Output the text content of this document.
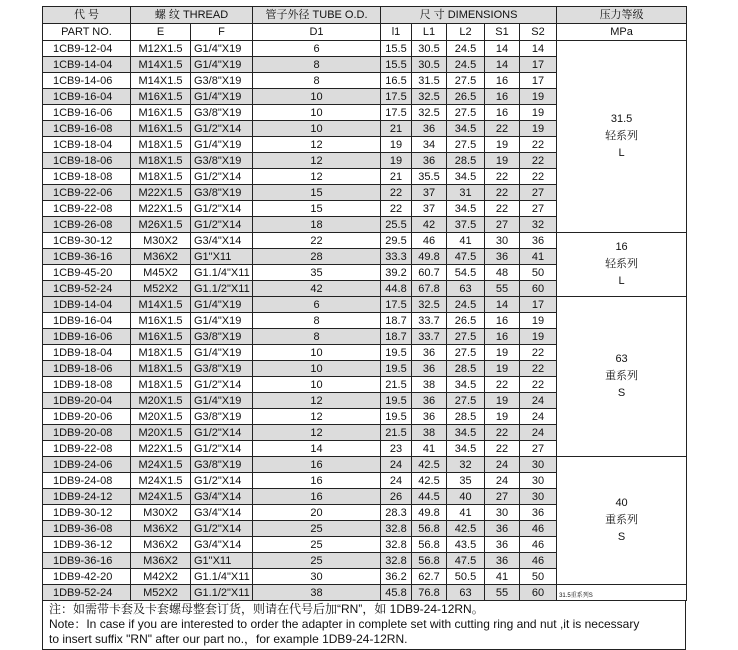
代 号	螺 纹 THREAD		管子外径 TUBE O.D.	尺 寸 DIMENSIONS					压力等级
PART NO.	E	F	D1	l1	L1	L2	S1	S2	MPa
1CB9-12-04	M12X1.5	G1/4"X19	6	15.5	30.5	24.5	14	14	31.5
轻系列
L

1CB9-14-04	M14X1.5	G1/4"X19	8	15.5	30.5	24.5	14	17	
1CB9-14-06	M14X1.5	G3/8"X19	8	16.5	31.5	27.5	16	17	
1CB9-16-04	M16X1.5	G1/4"X19	10	17.5	32.5	26.5	16	19	
1CB9-16-06	M16X1.5	G3/8"X19	10	17.5	32.5	27.5	16	19	
1CB9-16-08	M16X1.5	G1/2"X14	10	21	36	34.5	22	19	
1CB9-18-04	M18X1.5	G1/4"X19	12	19	34	27.5	19	22	
1CB9-18-06	M18X1.5	G3/8"X19	12	19	36	28.5	19	22	
1CB9-18-08	M18X1.5	G1/2"X14	12	21	35.5	34.5	22	22	
1CB9-22-06	M22X1.5	G3/8"X19	15	22	37	31	22	27	
1CB9-22-08	M22X1.5	G1/2"X14	15	22	37	34.5	22	27	
1CB9-26-08	M26X1.5	G1/2"X14	18	25.5	42	37.5	27	32	
1CB9-30-12	M30X2	G3/4"X14	22	29.5	46	41	30	36	16
轻系列
L

1CB9-36-16	M36X2	G1"X11	28	33.3	49.8	47.5	36	41	
1CB9-45-20	M45X2	G1.1/4"X11	35	39.2	60.7	54.5	48	50	
1CB9-52-24	M52X2	G1.1/2"X11	42	44.8	67.8	63	55	60	
1DB9-14-04	M14X1.5	G1/4"X19	6	17.5	32.5	24.5	14	17	63
重系列
S

1DB9-16-04	M16X1.5	G1/4"X19	8	18.7	33.7	26.5	16	19	
1DB9-16-06	M16X1.5	G3/8"X19	8	18.7	33.7	27.5	16	19	
1DB9-18-04	M18X1.5	G1/4"X19	10	19.5	36	27.5	19	22	
1DB9-18-06	M18X1.5	G3/8"X19	10	19.5	36	28.5	19	22	
1DB9-18-08	M18X1.5	G1/2"X14	10	21.5	38	34.5	22	22	
1DB9-20-04	M20X1.5	G1/4"X19	12	19.5	36	27.5	19	24	
1DB9-20-06	M20X1.5	G3/8"X19	12	19.5	36	28.5	19	24	
1DB9-20-08	M20X1.5	G1/2"X14	12	21.5	38	34.5	22	24	
1DB9-22-08	M22X1.5	G1/2"X14	14	23	41	34.5	22	27	
1DB9-24-06	M24X1.5	G3/8"X19	16	24	42.5	32	24	30	40
重系列
S

1DB9-24-08	M24X1.5	G1/2"X14	16	24	42.5	35	24	30	
1DB9-24-12	M24X1.5	G3/4"X14	16	26	44.5	40	27	30	
1DB9-30-12	M30X2	G3/4"X14	20	28.3	49.8	41	30	36	
1DB9-36-08	M36X2	G1/2"X14	25	32.8	56.8	42.5	36	46	
1DB9-36-12	M36X2	G3/4"X14	25	32.8	56.8	43.5	36	46	
1DB9-36-16	M36X2	G1"X11	25	32.8	56.8	47.5	36	46	
1DB9-42-20	M42X2	G1.1/4"X11	30	36.2	62.7	50.5	41	50	
1DB9-52-24	M52X2	G1.1/2"X11	38	45.8	76.8	63	55	60	31.5重系列S
注：如需带卡套及卡套螺母整套订货，则请在代号后加“RN”，如 1DB9-24-12RN。
Note：In case if you are interested to order the adapter in complete set with cutting ring and nut ,it is necessary
to insert suffix "RN" after our part no.，for example 1DB9-24-12RN.
